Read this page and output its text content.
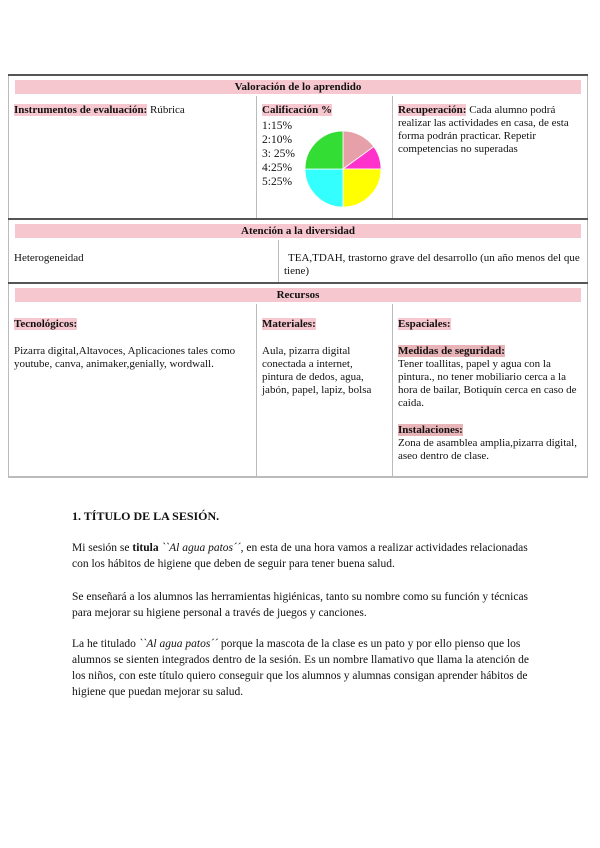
Valoración de lo aprendido
Instrumentos de evaluación: Rúbrica	Calificación %
1:15%
2:10%
3: 25%
4:25%
5:25%
Recuperación: Cada alumno podrá realizar las actividades en casa, de esta forma podrán practicar. Repetir competencias no superadas
Atención a la diversidad
Heterogeneidad	TEA,TDAH, trastorno grave del desarrollo (un año menos del que tiene)
Recursos
Tecnológicos:
Pizarra digital,Altavoces, Aplicaciones tales como youtube, canva, animaker,genially, wordwall.
Materiales:
Aula, pizarra digital conectada a internet, pintura de dedos, agua, jabón, papel, lapiz, bolsa
Espaciales:
Medidas de seguridad:
Tener toallitas, papel y agua con la pintura., no tener mobiliario cerca a la hora de bailar, Botiquín cerca en caso de caida.
Instalaciones:
Zona de asamblea amplia,pizarra digital, aseo dentro de clase.
1. TÍTULO DE LA SESIÓN.
Mi sesión se titula ``Al agua patos´´, en esta de una hora vamos a realizar actividades relacionadas con los hábitos de higiene que deben de seguir para tener buena salud.
Se enseñará a los alumnos las herramientas higiénicas, tanto su nombre como su función y técnicas para mejorar su higiene personal a través de juegos y canciones.
La he titulado ``Al agua patos´´ porque la mascota de la clase es un pato y por ello pienso que los alumnos se sienten integrados dentro de la sesión. Es un nombre llamativo que llama la atención de los niños, con este título quiero conseguir que los alumnos y alumnas consigan aprender hábitos de higiene que puedan mejorar su salud.
